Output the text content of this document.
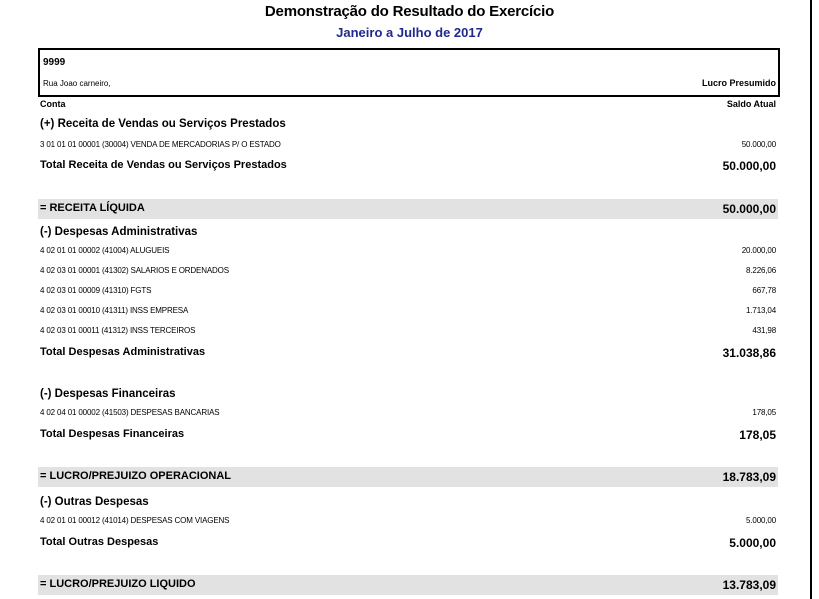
Demonstração do Resultado do Exercício
Janeiro a Julho de 2017
9999
Rua Joao carneiro,	Lucro Presumido
Conta	Saldo Atual
(+) Receita de Vendas ou Serviços Prestados
3 01 01 01 00001 (30004) VENDA DE MERCADORIAS P/ O ESTADO	50.000,00
Total Receita de Vendas ou Serviços Prestados	50.000,00
= RECEITA LÍQUIDA	50.000,00
(-) Despesas Administrativas
4 02 01 01 00002 (41004) ALUGUEIS	20.000,00
4 02 03 01 00001 (41302) SALARIOS E ORDENADOS	8.226,06
4 02 03 01 00009 (41310) FGTS	667,78
4 02 03 01 00010 (41311) INSS EMPRESA	1.713,04
4 02 03 01 00011 (41312) INSS TERCEIROS	431,98
Total Despesas Administrativas	31.038,86
(-) Despesas Financeiras
4 02 04 01 00002 (41503) DESPESAS BANCARIAS	178,05
Total Despesas Financeiras	178,05
= LUCRO/PREJUIZO OPERACIONAL	18.783,09
(-) Outras Despesas
4 02 01 01 00012 (41014) DESPESAS COM VIAGENS	5.000,00
Total Outras Despesas	5.000,00
= LUCRO/PREJUIZO LIQUIDO	13.783,09
